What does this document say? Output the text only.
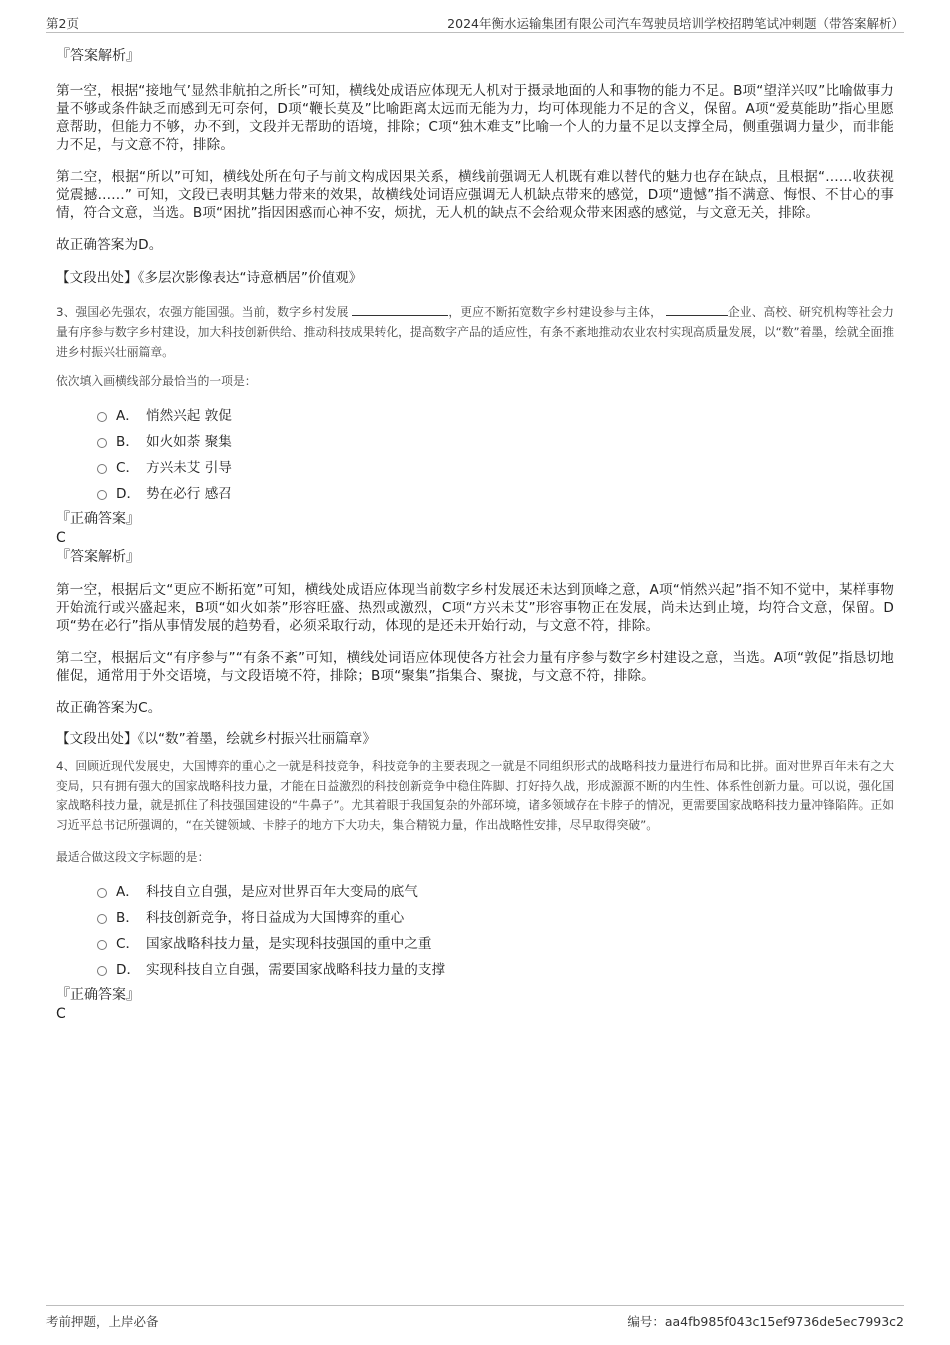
第2页	2024年衡水运输集团有限公司汽车驾驶员培训学校招聘笔试冲刺题（带答案解析）

『答案解析』

第一空，根据“接地气’显然非航拍之所长”可知，横线处成语应体现无人机对于摄录地面的人和事物的能力不足。B项“望洋兴叹”比喻做事力量不够或条件缺乏而感到无可奈何，D项“鞭长莫及”比喻距离太远而无能为力，均可体现能力不足的含义，保留。A项“爱莫能助”指心里愿意帮助，但能力不够，办不到，文段并无帮助的语境，排除；C项“独木难支”比喻一个人的力量不足以支撑全局，侧重强调力量少，而非能力不足，与文意不符，排除。

第二空，根据“所以”可知，横线处所在句子与前文构成因果关系，横线前强调无人机既有难以替代的魅力也存在缺点，且根据“……收获视觉震撼……” 可知，文段已表明其魅力带来的效果，故横线处词语应强调无人机缺点带来的感觉，D项“遗憾”指不满意、悔恨、不甘心的事情，符合文意，当选。B项“困扰”指因困惑而心神不安，烦扰，无人机的缺点不会给观众带来困惑的感觉，与文意无关，排除。

故正确答案为D。

【文段出处】《多层次影像表达“诗意栖居”价值观》

3、强国必先强农，农强方能国强。当前，数字乡村发展	，更应不断拓宽数字乡村建设参与主体，	企业、高校、研究机构等社会力量有序参与数字乡村建设，加大科技创新供给、推动科技成果转化，提高数字产品的适应性，有条不紊地推动农业农村实现高质量发展，以“数”着墨，绘就全面推进乡村振兴壮丽篇章。

依次填入画横线部分最恰当的一项是：

A． 悄然兴起 敦促
B． 如火如荼 聚集
C． 方兴未艾 引导
D． 势在必行 感召

『正确答案』

C

『答案解析』

第一空，根据后文“更应不断拓宽”可知，横线处成语应体现当前数字乡村发展还未达到顶峰之意，A项“悄然兴起”指不知不觉中，某样事物开始流行或兴盛起来，B项“如火如荼”形容旺盛、热烈或激烈，C项“方兴未艾”形容事物正在发展，尚未达到止境，均符合文意，保留。D项“势在必行”指从事情发展的趋势看，必须采取行动，体现的是还未开始行动，与文意不符，排除。

第二空，根据后文“有序参与”“有条不紊”可知，横线处词语应体现使各方社会力量有序参与数字乡村建设之意，当选。A项“敦促”指恳切地催促，通常用于外交语境，与文段语境不符，排除；B项“聚集”指集合、聚拢，与文意不符，排除。

故正确答案为C。

【文段出处】《以“数”着墨，绘就乡村振兴壮丽篇章》

4、回顾近现代发展史，大国博弈的重心之一就是科技竞争，科技竞争的主要表现之一就是不同组织形式的战略科技力量进行布局和比拼。面对世界百年未有之大变局，只有拥有强大的国家战略科技力量，才能在日益激烈的科技创新竞争中稳住阵脚、打好持久战，形成源源不断的内生性、体系性创新力量。可以说，强化国家战略科技力量，就是抓住了科技强国建设的“牛鼻子”。尤其着眼于我国复杂的外部环境，诸多领域存在卡脖子的情况，更需要国家战略科技力量冲锋陷阵。正如习近平总书记所强调的，“在关键领域、卡脖子的地方下大功夫，集合精锐力量，作出战略性安排，尽早取得突破”。

最适合做这段文字标题的是：

A． 科技自立自强，是应对世界百年大变局的底气
B． 科技创新竞争，将日益成为大国博弈的重心
C． 国家战略科技力量，是实现科技强国的重中之重
D． 实现科技自立自强，需要国家战略科技力量的支撑

『正确答案』

C

考前押题，上岸必备	编号：aa4fb985f043c15ef9736de5ec7993c2
